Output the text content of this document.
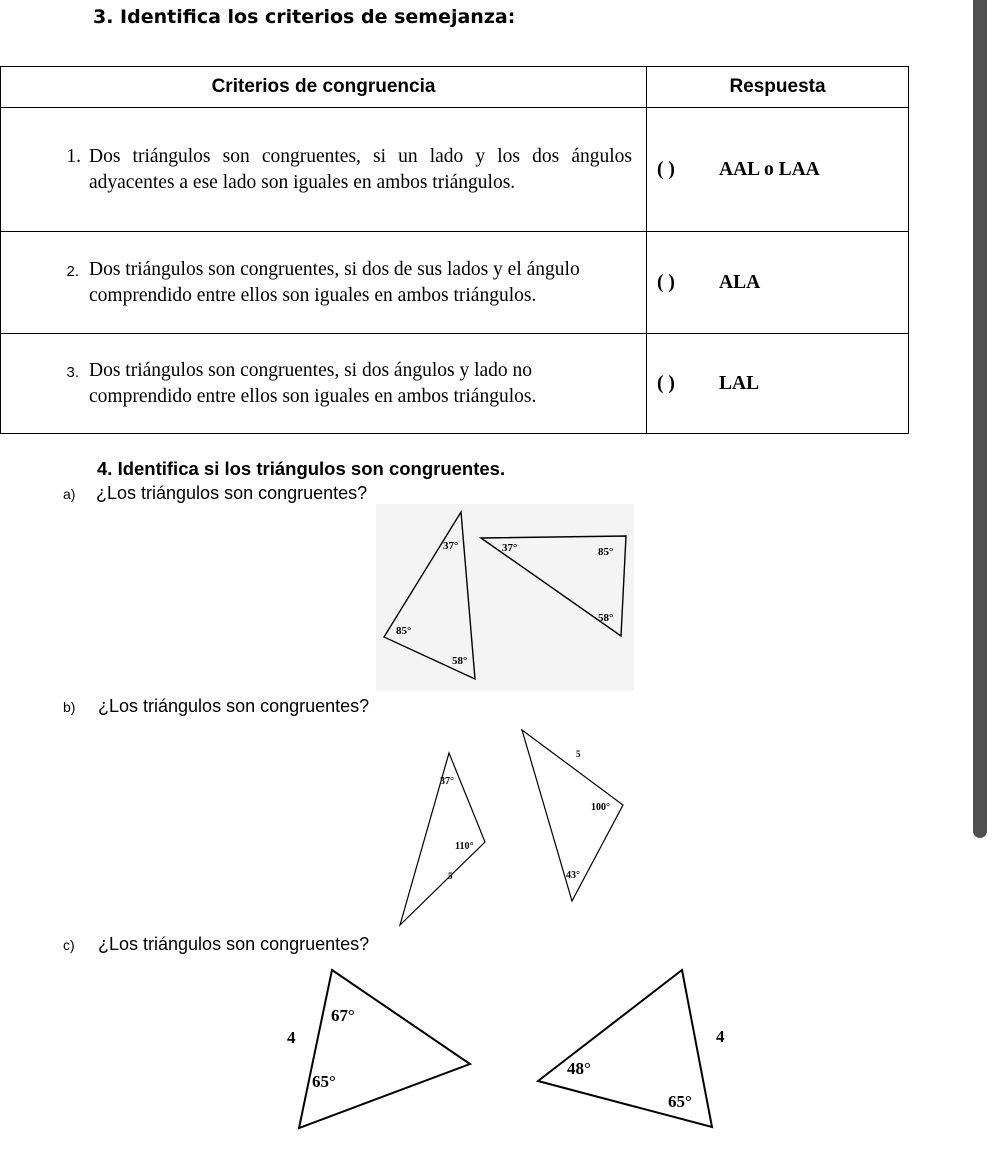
3. Identifica los criterios de semejanza:
Criterios de congruencia	Respuesta

1. Dos triángulos son congruentes, si un lado y los dos ángulos adyacentes a ese lado son iguales en ambos triángulos.	( ) AAL o LAA

2. Dos triángulos son congruentes, si dos de sus lados y el ángulo comprendido entre ellos son iguales en ambos triángulos.	( ) ALA

3. Dos triángulos son congruentes, si dos ángulos y lado no comprendido entre ellos son iguales en ambos triángulos.	( ) LAL
4. Identifica si los triángulos son congruentes.
a) ¿Los triángulos son congruentes?
37°
85°
58°
37°	85°
58°
b) ¿Los triángulos son congruentes?
37°
110°
5
5
100°
43°
c) ¿Los triángulos son congruentes?
67°
4
65°
4
48°
65°
